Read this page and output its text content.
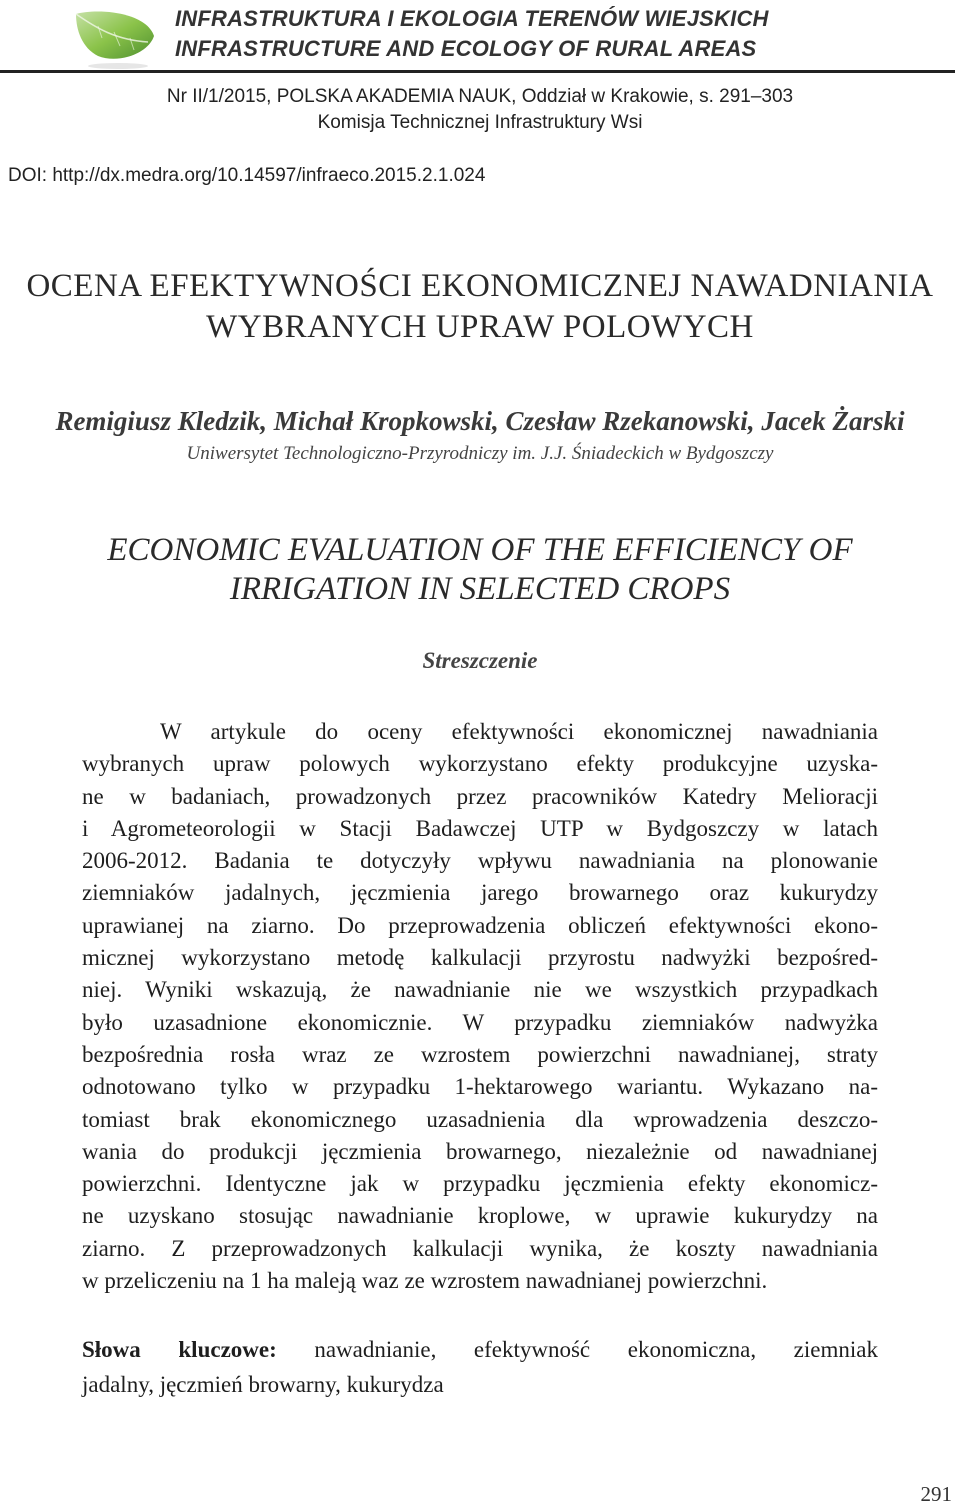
INFRASTRUKTURA I EKOLOGIA TERENÓW WIEJSKICH
INFRASTRUCTURE AND ECOLOGY OF RURAL AREAS
Nr II/1/2015, POLSKA AKADEMIA NAUK, Oddział w Krakowie, s. 291–303
Komisja Technicznej Infrastruktury Wsi
DOI: http://dx.medra.org/10.14597/infraeco.2015.2.1.024
OCENA EFEKTYWNOŚCI EKONOMICZNEJ NAWADNIANIA
WYBRANYCH UPRAW POLOWYCH
Remigiusz Kledzik, Michał Kropkowski, Czesław Rzekanowski, Jacek Żarski
Uniwersytet Technologiczno-Przyrodniczy im. J.J. Śniadeckich w Bydgoszczy
ECONOMIC EVALUATION OF THE EFFICIENCY OF
IRRIGATION IN SELECTED CROPS
Streszczenie
W artykule do oceny efektywności ekonomicznej nawadniania
wybranych upraw polowych wykorzystano efekty produkcyjne uzyska-
ne w badaniach, prowadzonych przez pracowników Katedry Melioracji
i Agrometeorologii w Stacji Badawczej UTP w Bydgoszczy w latach
2006-2012. Badania te dotyczyły wpływu nawadniania na plonowanie
ziemniaków jadalnych, jęczmienia jarego browarnego oraz kukurydzy
uprawianej na ziarno. Do przeprowadzenia obliczeń efektywności ekono-
micznej wykorzystano metodę kalkulacji przyrostu nadwyżki bezpośred-
niej. Wyniki wskazują, że nawadnianie nie we wszystkich przypadkach
było uzasadnione ekonomicznie. W przypadku ziemniaków nadwyżka
bezpośrednia rosła wraz ze wzrostem powierzchni nawadnianej, straty
odnotowano tylko w przypadku 1-hektarowego wariantu. Wykazano na-
tomiast brak ekonomicznego uzasadnienia dla wprowadzenia deszczo-
wania do produkcji jęczmienia browarnego, niezależnie od nawadnianej
powierzchni. Identyczne jak w przypadku jęczmienia efekty ekonomicz-
ne uzyskano stosując nawadnianie kroplowe, w uprawie kukurydzy na
ziarno. Z przeprowadzonych kalkulacji wynika, że koszty nawadniania
w przeliczeniu na 1 ha maleją waz ze wzrostem nawadnianej powierzchni.
Słowa kluczowe: nawadnianie, efektywność ekonomiczna, ziemniak
jadalny, jęczmień browarny, kukurydza
291
